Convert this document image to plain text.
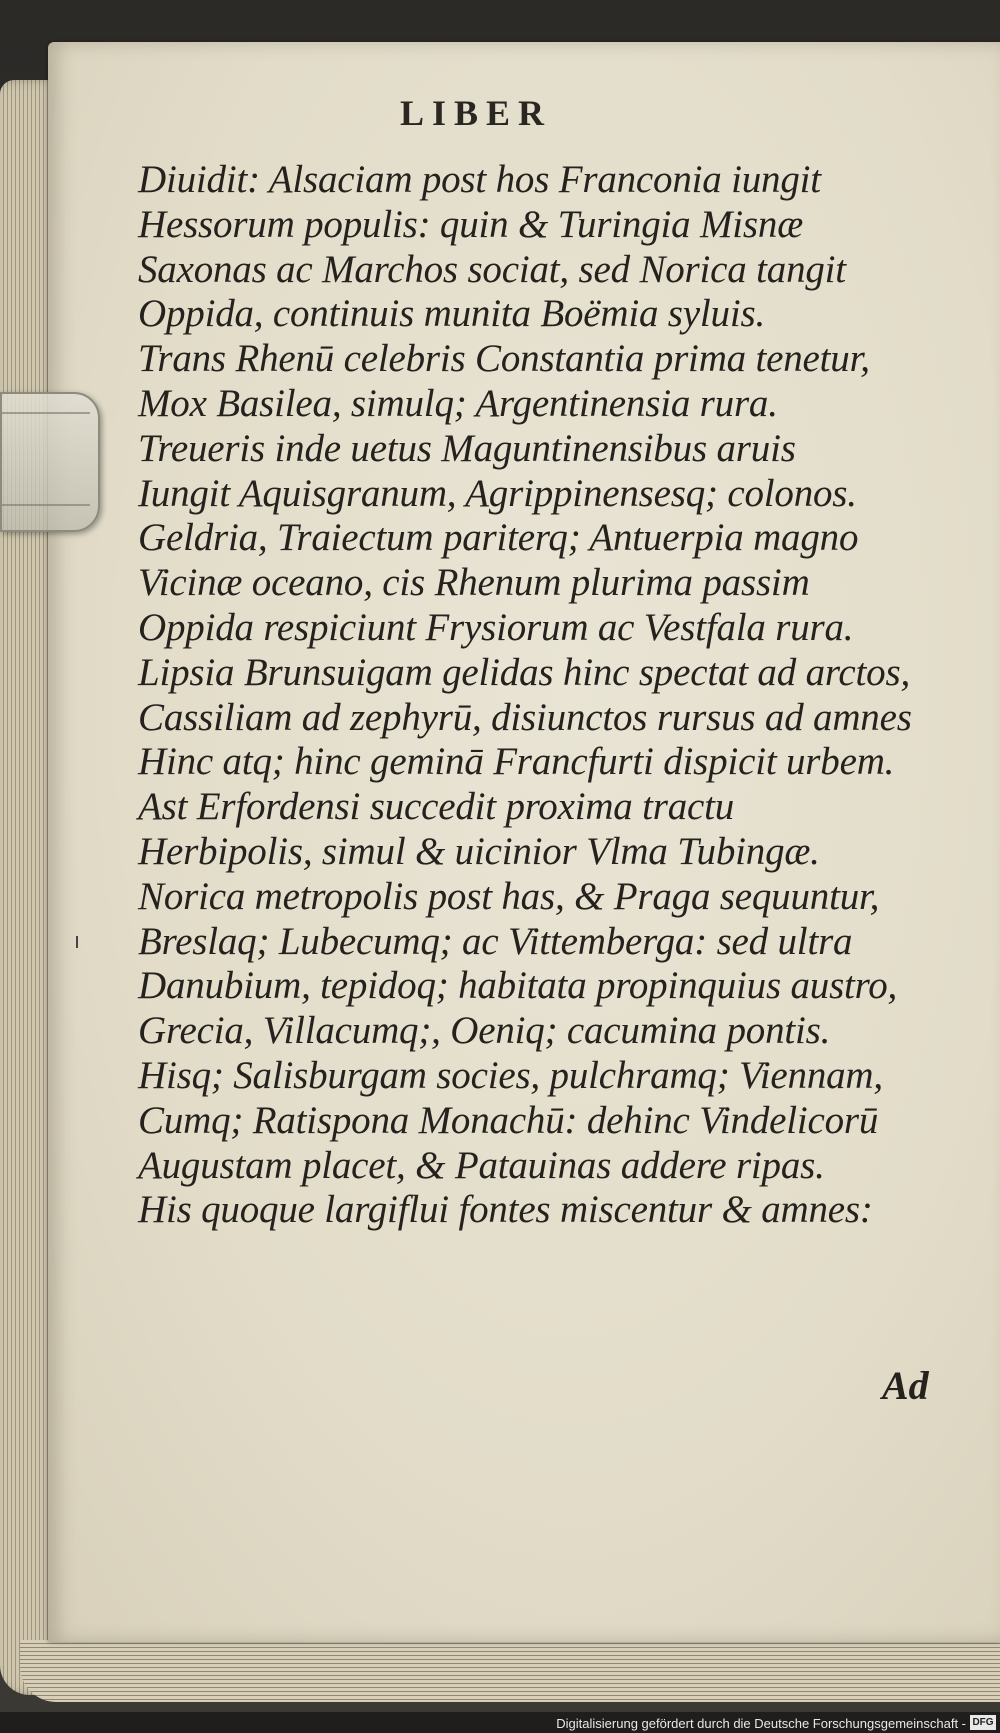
LIBER
Diuidit: Alsaciam post hos Franconia iungit
Hessorum populis: quin & Turingia Misnæ
Saxonas ac Marchos sociat, sed Norica tangit
Oppida, continuis munita Boëmia syluis.
Trans Rhenū celebris Constantia prima tenetur,
Mox Basilea, simulq; Argentinensia rura.
Treueris inde uetus Maguntinensibus aruis
Iungit Aquisgranum, Agrippinensesq; colonos.
Geldria, Traiectum pariterq; Antuerpia magno
Vicinæ oceano, cis Rhenum plurima passim
Oppida respiciunt Frysiorum ac Vestfala rura.
Lipsia Brunsuigam gelidas hinc spectat ad arctos,
Cassiliam ad zephyrū, disiunctos rursus ad amnes
Hinc atq; hinc geminā Francfurti dispicit urbem.
Ast Erfordensi succedit proxima tractu
Herbipolis, simul & uicinior Vlma Tubingæ.
Norica metropolis post has, & Praga sequuntur,
Breslaq; Lubecumq; ac Vittemberga: sed ultra
Danubium, tepidoq; habitata propinquius austro,
Grecia, Villacumq;, Oeniq; cacumina pontis.
Hisq; Salisburgam socies, pulchramq; Viennam,
Cumq; Ratispona Monachū: dehinc Vindelicorū
Augustam placet, & Patauinas addere ripas.
His quoque largiflui fontes miscentur & amnes:
Ad
Digitalisierung gefördert durch die Deutsche Forschungsgemeinschaft - DFG
